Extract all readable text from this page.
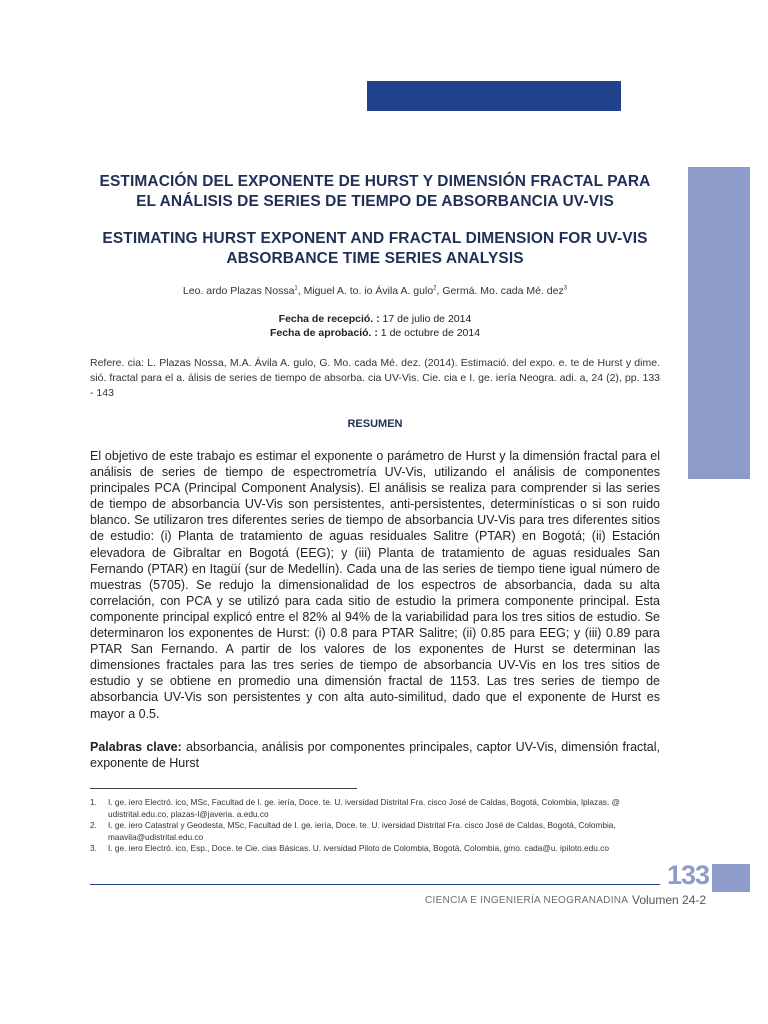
ESTIMACIÓN DEL EXPONENTE DE HURST Y DIMENSIÓN FRACTAL PARA EL ANÁLISIS DE SERIES DE TIEMPO DE ABSORBANCIA UV-VIS
ESTIMATING HURST EXPONENT AND FRACTAL DIMENSION FOR UV-VIS ABSORBANCE TIME SERIES ANALYSIS
Leo. ardo Plazas Nossa$^1$, Miguel A. to. io Ávila A. gulo$^2$, Germá. Mo. cada Mé. dez$^3$
Fecha de recepció. : 17 de julio de 2014
Fecha de aprobació. : 1 de octubre de 2014

Refere. cia: L. Plazas Nossa, M.A. Ávila A. gulo, G. Mo. cada Mé. dez. (2014). Estimació. del expo. e. te de Hurst y dime. sió. fractal para el a. álisis de series de tiempo de absorba. cia UV-Vis. Cie. cia e I. ge. iería Neogra. adi. a, 24 (2), pp. 133 - 143

RESUMEN

El objetivo de este trabajo es estimar el exponente o parámetro de Hurst y la dimensión fractal para el análisis de series de tiempo de espectrometría UV-Vis, utilizando el análisis de componentes principales PCA (Principal Component Analysis). El análisis se realiza para comprender si las series de tiempo de absorbancia UV-Vis son persistentes, anti-persistentes, determinísticas o si son ruido blanco. Se utilizaron tres diferentes series de tiempo de absorbancia UV-Vis para tres diferentes sitios de estudio: (i) Planta de tratamiento de aguas residuales Salitre (PTAR) en Bogotá; (ii) Estación elevadora de Gibraltar en Bogotá (EEG); y (iii) Planta de tratamiento de aguas residuales San Fernando (PTAR) en Itagüí (sur de Medellín). Cada una de las series de tiempo tiene igual número de muestras (5705). Se redujo la dimensionalidad de los espectros de absorbancia, dada su alta correlación, con PCA y se utilizó para cada sitio de estudio la primera componente principal. Esta componente principal explicó entre el 82% al 94% de la variabilidad para los tres sitios de estudio. Se determinaron los exponentes de Hurst: (i) 0.8 para PTAR Salitre; (ii) 0.85 para EEG; y (iii) 0.89 para PTAR San Fernando. A partir de los valores de los exponentes de Hurst se determinan las dimensiones fractales para las tres series de tiempo de absorbancia UV-Vis en los tres sitios de estudio y se obtiene en promedio una dimensión fractal de 1153. Las tres series de tiempo de absorbancia UV-Vis son persistentes y con alta auto-similitud, dado que el exponente de Hurst es mayor a 0.5.

Palabras clave: absorbancia, análisis por componentes principales, captor UV-Vis, dimensión fractal, exponente de Hurst

1. I. ge. iero Electró. ico, MSc, Facultad de I. ge. iería, Doce. te. U. iversidad Distrital Fra. cisco José de Caldas, Bogotá, Colombia, lplazas. @ udistrital.edu.co, plazas-l@javeria. a.edu.co
2. I. ge. iero Catastral y Geodesta, MSc, Facultad de I. ge. iería, Doce. te. U. iversidad Distrital Fra. cisco José de Caldas, Bogotá, Colombia, maavila@udistrital.edu.co
3. I. ge. iero Electró. ico, Esp., Doce. te Cie. cias Básicas. U. iversidad Piloto de Colombia, Bogotá, Colombia, gmo. cada@u. ipiloto.edu.co
133
CIENCIA E INGENIERÍA NEOGRANADINA Volumen 24-2
